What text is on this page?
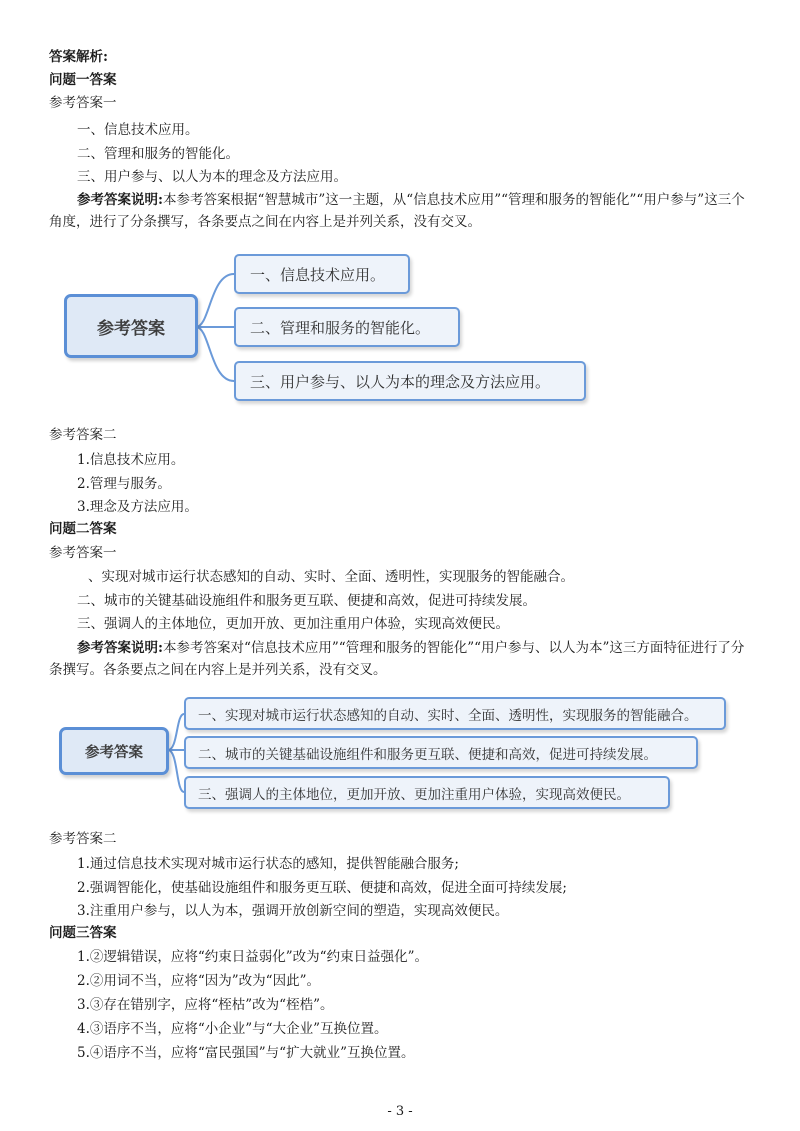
答案解析:
问题一答案
参考答案一
一、信息技术应用。
二、管理和服务的智能化。
三、用户参与、以人为本的理念及方法应用。
参考答案说明:本参考答案根据“智慧城市”这一主题，从“信息技术应用”“管理和服务的智能化”“用户参与”这三个角度，进行了分条撰写，各条要点之间在内容上是并列关系，没有交叉。
参考答案
一、信息技术应用。
二、管理和服务的智能化。
三、用户参与、以人为本的理念及方法应用。
参考答案二
1.信息技术应用。
2.管理与服务。
3.理念及方法应用。
问题二答案
参考答案一
、实现对城市运行状态感知的自动、实时、全面、透明性，实现服务的智能融合。
二、城市的关键基础设施组件和服务更互联、便捷和高效，促进可持续发展。
三、强调人的主体地位，更加开放、更加注重用户体验，实现高效便民。
参考答案说明:本参考答案对“信息技术应用”“管理和服务的智能化”“用户参与、以人为本”这三方面特征进行了分条撰写。各条要点之间在内容上是并列关系，没有交叉。
参考答案
一、实现对城市运行状态感知的自动、实时、全面、透明性，实现服务的智能融合。
二、城市的关键基础设施组件和服务更互联、便捷和高效，促进可持续发展。
三、强调人的主体地位，更加开放、更加注重用户体验，实现高效便民。
参考答案二
1.通过信息技术实现对城市运行状态的感知，提供智能融合服务;
2.强调智能化，使基础设施组件和服务更互联、便捷和高效，促进全面可持续发展;
3.注重用户参与，以人为本，强调开放创新空间的塑造，实现高效便民。
问题三答案
1.②逻辑错误，应将“约束日益弱化”改为“约束日益强化”。
2.②用词不当，应将“因为”改为“因此”。
3.③存在错别字，应将“桎枯”改为“桎梏”。
4.③语序不当，应将“小企业”与“大企业”互换位置。
5.④语序不当，应将“富民强国”与“扩大就业”互换位置。
- 3 -
